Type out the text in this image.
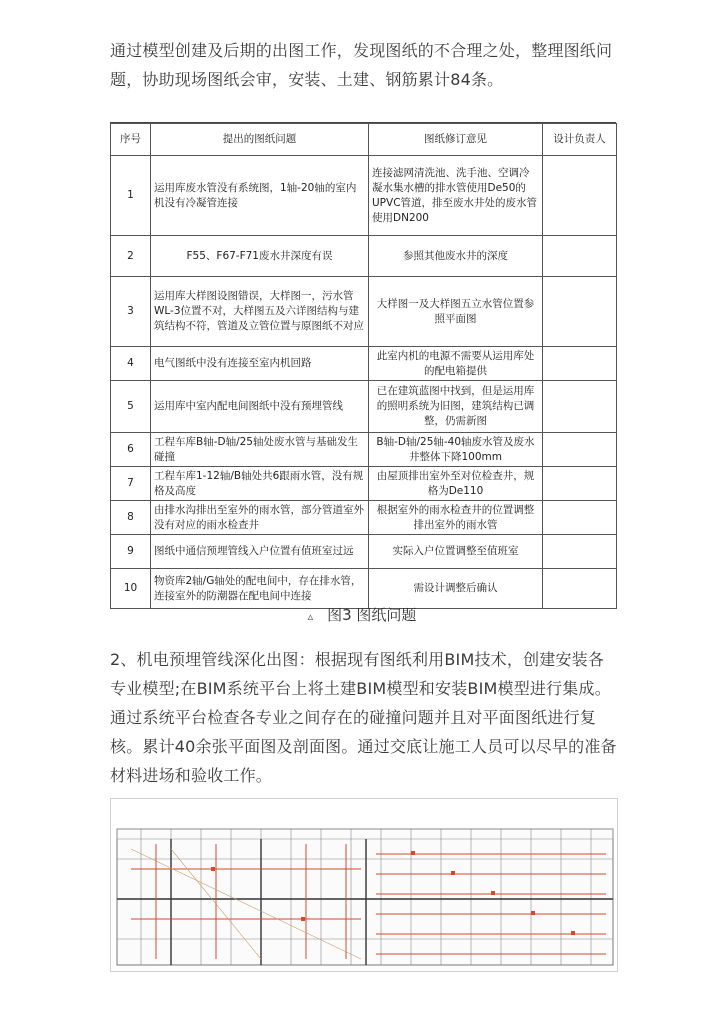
通过模型创建及后期的出图工作，发现图纸的不合理之处，整理图纸问题，协助现场图纸会审，安装、土建、钢筋累计84条。

序号	提出的图纸问题	图纸修订意见	设计负责人
1	运用库废水管没有系统图，1轴-20轴的室内机没有冷凝管连接	连接滤网清洗池、洗手池、空调冷凝水集水槽的排水管使用De50的UPVC管道，排至废水井处的废水管使用DN200	
2	F55、F67-F71废水井深度有误	参照其他废水井的深度	
3	运用库大样图设图错误，大样图一，污水管WL-3位置不对，大样图五及六详图结构与建筑结构不符，管道及立管位置与原图纸不对应	大样图一及大样图五立水管位置参照平面图	
4	电气图纸中没有连接至室内机回路	此室内机的电源不需要从运用库处的配电箱提供	
5	运用库中室内配电间图纸中没有预埋管线	已在建筑蓝图中找到，但是运用库的照明系统为旧图，建筑结构已调整，仍需新图	
6	工程车库B轴-D轴/25轴处废水管与基础发生碰撞	B轴-D轴/25轴-40轴废水管及废水井整体下降100mm	
7	工程车库1-12轴/B轴处共6跟雨水管，没有规格及高度	由屋顶排出室外至对位检查井，规格为De110	
8	由排水沟排出至室外的雨水管，部分管道室外没有对应的雨水检查井	根据室外的雨水检查井的位置调整排出室外的雨水管	
9	图纸中通信预埋管线入户位置有值班室过远	实际入户位置调整至值班室	
10	物资库2轴/G轴处的配电间中，存在排水管，连接室外的防潮器在配电间中连接	需设计调整后确认	
▵ 图3 图纸问题

2、机电预埋管线深化出图：根据现有图纸利用BIM技术，创建安装各专业模型;在BIM系统平台上将土建BIM模型和安装BIM模型进行集成。通过系统平台检查各专业之间存在的碰撞问题并且对平面图纸进行复核。累计40余张平面图及剖面图。通过交底让施工人员可以尽早的准备材料进场和验收工作。
